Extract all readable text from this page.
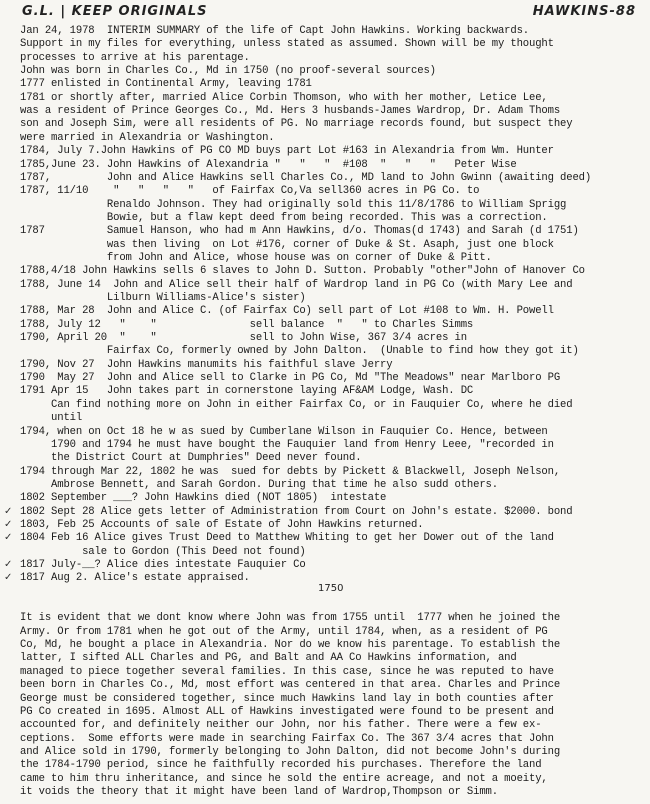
G.L. | KEEP ORIGINALS	HAWKINS-88
1750
Jan 24, 1978  INTERIM SUMMARY of the life of Capt John Hawkins. Working backwards.
Support in my files for everything, unless stated as assumed. Shown will be my thought
processes to arrive at his parentage.
John was born in Charles Co., Md in 1750 (no proof-several sources)
1777 enlisted in Continental Army, leaving 1781
1781 or shortly after, married Alice Corbin Thomson, who with her mother, Letice Lee,
was a resident of Prince Georges Co., Md. Hers 3 husbands-James Wardrop, Dr. Adam Thoms
son and Joseph Sim, were all residents of PG. No marriage records found, but suspect they
were married in Alexandria or Washington.
1784, July 7.John Hawkins of PG CO MD buys part Lot #163 in Alexandria from Wm. Hunter
1785,June 23. John Hawkins of Alexandria "   "   "  #108  "   "   "   Peter Wise
1787,         John and Alice Hawkins sell Charles Co., MD land to John Gwinn (awaiting deed)
1787, 11/10    "   "   "   "   of Fairfax Co,Va sell360 acres in PG Co. to
Renaldo Johnson. They had originally sold this 11/8/1786 to William Sprigg
Bowie, but a flaw kept deed from being recorded. This was a correction.
1787          Samuel Hanson, who had m Ann Hawkins, d/o. Thomas(d 1743) and Sarah (d 1751)
was then living  on Lot #176, corner of Duke & St. Asaph, just one block
from John and Alice, whose house was on corner of Duke & Pitt.
1788,4/18 John Hawkins sells 6 slaves to John D. Sutton. Probably "other"John of Hanover Co
1788, June 14  John and Alice sell their half of Wardrop land in PG Co (with Mary Lee and
Lilburn Williams-Alice's sister)
1788, Mar 28  John and Alice C. (of Fairfax Co) sell part of Lot #108 to Wm. H. Powell
1788, July 12   "    "               sell balance  "   " to Charles Simms
1790, April 20  "    "               sell to John Wise, 367 3/4 acres in
Fairfax Co, formerly owned by John Dalton.  (Unable to find how they got it)
1790, Nov 27  John Hawkins manumits his faithful slave Jerry
1790  May 27  John and Alice sell to Clarke in PG Co, Md "The Meadows" near Marlboro PG
1791 Apr 15   John takes part in cornerstone laying AF&AM Lodge, Wash. DC
Can find nothing more on John in either Fairfax Co, or in Fauquier Co, where he died
until
1794, when on Oct 18 he w as sued by Cumberlane Wilson in Fauquier Co. Hence, between
1790 and 1794 he must have bought the Fauquier land from Henry Leee, "recorded in
the District Court at Dumphries" Deed never found.
1794 through Mar 22, 1802 he was  sued for debts by Pickett & Blackwell, Joseph Nelson,
Ambrose Bennett, and Sarah Gordon. During that time he also sudd others.
1802 September ___? John Hawkins died (NOT 1805)  intestate
1802 Sept 28 Alice gets letter of Administration from Court on John's estate. $2000. bond
1803, Feb 25 Accounts of sale of Estate of John Hawkins returned.
1804 Feb 16 Alice gives Trust Deed to Matthew Whiting to get her Dower out of the land
sale to Gordon (This Deed not found)
1817 July-__? Alice dies intestate Fauquier Co
1817 Aug 2. Alice's estate appraised.
It is evident that we dont know where John was from 1755 until  1777 when he joined the
Army. Or from 1781 when he got out of the Army, until 1784, when, as a resident of PG
Co, Md, he bought a place in Alexandria. Nor do we know his parentage. To establish the
latter, I sifted ALL Charles and PG, and Balt and AA Co Hawkins information, and
managed to piece together several families. In this case, since he was reputed to have
been born in Charles Co., Md, most effort was centered in that area. Charles and Prince
George must be considered together, since much Hawkins land lay in both counties after
PG Co created in 1695. Almost ALL of Hawkins investigated were found to be present and
accounted for, and definitely neither our John, nor his father. There were a few ex-
ceptions.  Some efforts were made in searching Fairfax Co. The 367 3/4 acres that John
and Alice sold in 1790, formerly belonging to John Dalton, did not become John's during
the 1784-1790 period, since he faithfully recorded his purchases. Therefore the land
came to him thru inheritance, and since he sold the entire acreage, and not a moeity,
it voids the theory that it might have been land of Wardrop,Thompson or Simm.
✓
✓
✓
✓
✓
